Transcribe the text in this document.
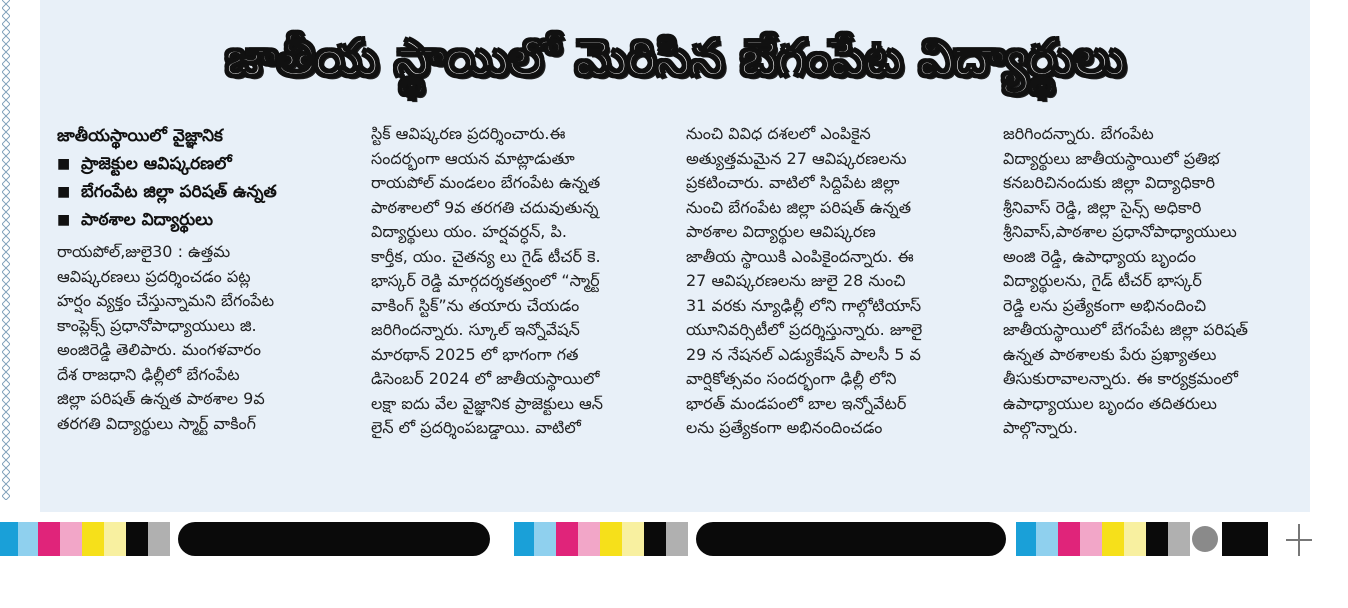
జాతీయ స్థాయిలో మెరిసిన బేగంపేట విద్యార్థులు
జాతీయస్థాయిలో వైజ్ఞానిక
■ ప్రాజెక్టుల ఆవిష్కరణలో
■ బేగంపేట జిల్లా పరిషత్ ఉన్నత
■ పాఠశాల విద్యార్థులు
రాయపోల్,జులై30 : ఉత్తమ
ఆవిష్కరణలు ప్రదర్శించడం పట్ల
హర్షం వ్యక్తం చేస్తున్నామని బేగంపేట
కాంప్లెక్స్ ప్రధానోపాధ్యాయులు జి.
అంజిరెడ్డి తెలిపారు. మంగళవారం
దేశ రాజధాని ఢిల్లీలో బేగంపేట
జిల్లా పరిషత్ ఉన్నత పాఠశాల 9వ
తరగతి విద్యార్థులు స్మార్ట్ వాకింగ్
స్టిక్ ఆవిష్కరణ ప్రదర్శించారు.ఈ
సందర్భంగా ఆయన మాట్లాడుతూ
రాయపోల్ మండలం బేగంపేట ఉన్నత
పాఠశాలలో 9వ తరగతి చదువుతున్న
విద్యార్థులు యం. హర్షవర్ధన్, పి.
కార్తీక, యం. చైతన్య లు గైడ్ టీచర్ కె.
భాస్కర్ రెడ్డి మార్గదర్శకత్వంలో “స్మార్ట్
వాకింగ్ స్టిక్”ను తయారు చేయడం
జరిగిందన్నారు. స్కూల్ ఇన్నోవేషన్
మారథాన్ 2025 లో భాగంగా గత
డిసెంబర్ 2024 లో జాతీయస్థాయిలో
లక్షా ఐదు వేల వైజ్ఞానిక ప్రాజెక్టులు ఆన్
లైన్ లో ప్రదర్శింపబడ్డాయి. వాటిలో
నుంచి వివిధ దశలలో ఎంపికైన
అత్యుత్తమమైన 27 ఆవిష్కరణలను
ప్రకటించారు. వాటిలో సిద్దిపేట జిల్లా
నుంచి బేగంపేట జిల్లా పరిషత్ ఉన్నత
పాఠశాల విద్యార్థుల ఆవిష్కరణ
జాతీయ స్థాయికి ఎంపికైందన్నారు. ఈ
27 ఆవిష్కరణలను జులై 28 నుంచి
31 వరకు న్యూఢిల్లీ లోని గాల్గోటియాస్
యూనివర్సిటీలో ప్రదర్శిస్తున్నారు. జూలై
29 న నేషనల్ ఎడ్యుకేషన్ పాలసీ 5 వ
వార్షికోత్సవం సందర్భంగా ఢిల్లీ లోని
భారత్ మండపంలో బాల ఇన్నోవేటర్
లను ప్రత్యేకంగా అభినందించడం
జరిగిందన్నారు. బేగంపేట
విద్యార్థులు జాతీయస్థాయిలో ప్రతిభ
కనబరిచినందుకు జిల్లా విద్యాధికారి
శ్రీనివాస్ రెడ్డి, జిల్లా సైన్స్ అధికారి
శ్రీనివాస్,పాఠశాల ప్రధానోపాధ్యాయులు
అంజి రెడ్డి, ఉపాధ్యాయ బృందం
విద్యార్థులను, గైడ్ టీచర్ భాస్కర్
రెడ్డి లను ప్రత్యేకంగా అభినందించి
జాతీయస్థాయిలో బేగంపేట జిల్లా పరిషత్
ఉన్నత పాఠశాలకు పేరు ప్రఖ్యాతలు
తీసుకురావాలన్నారు. ఈ కార్యక్రమంలో
ఉపాధ్యాయుల బృందం తదితరులు
పాల్గొన్నారు.
